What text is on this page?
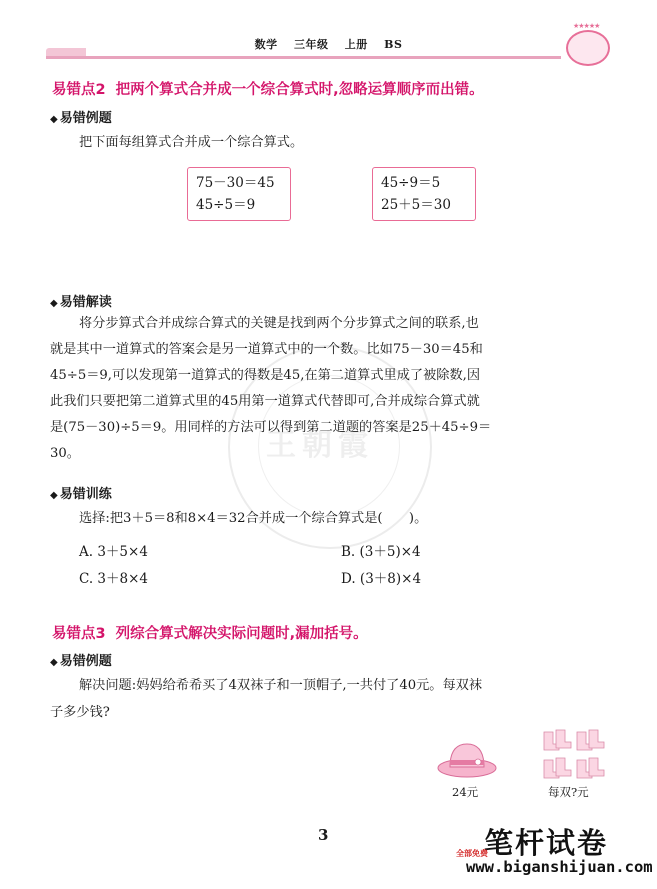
数学 三年级 上册 BS
★★★★★
王朝霞
易错点2 把两个算式合并成一个综合算式时,忽略运算顺序而出错。
◆ 易错例题
把下面每组算式合并成一个综合算式。
75－30＝45
45÷5＝9
45÷9＝5
25＋5＝30
◆ 易错解读
将分步算式合并成综合算式的关键是找到两个分步算式之间的联系,也
就是其中一道算式的答案会是另一道算式中的一个数。比如75－30＝45和
45÷5＝9,可以发现第一道算式的得数是45,在第二道算式里成了被除数,因
此我们只要把第二道算式里的45用第一道算式代替即可,合并成综合算式就
是(75－30)÷5＝9。用同样的方法可以得到第二道题的答案是25＋45÷9＝
30。
◆ 易错训练
选择:把3＋5＝8和8×4＝32合并成一个综合算式是(　　)。
A. 3＋5×4	B. (3＋5)×4
C. 3＋8×4	D. (3＋8)×4
易错点3 列综合算式解决实际问题时,漏加括号。
◆ 易错例题
解决问题:妈妈给希希买了4双袜子和一顶帽子,一共付了40元。每双袜
子多少钱?
24元	每双?元
3	笔杆试卷
全部免费
www.biganshijuan.com
